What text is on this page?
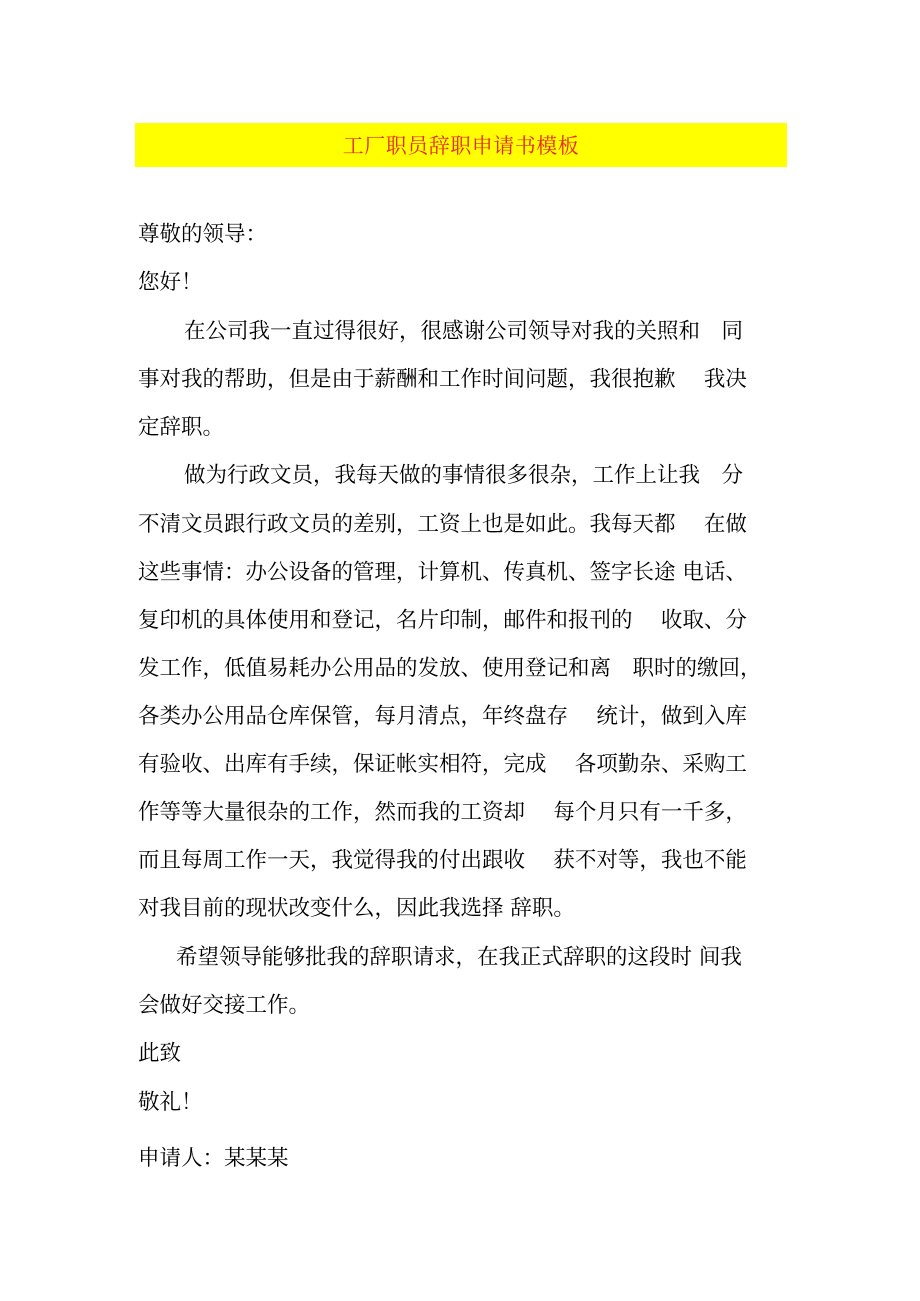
工厂职员辞职申请书模板
尊敬的领导：
您好！
在公司我一直过得很好，很感谢公司领导对我的关照和　同
事对我的帮助，但是由于薪酬和工作时间问题，我很抱歉　 我决
定辞职。
做为行政文员，我每天做的事情很多很杂，工作上让我　分
不清文员跟行政文员的差别，工资上也是如此。我每天都　 在做
这些事情：办公设备的管理，计算机、传真机、签字长途 电话、
复印机的具体使用和登记，名片印制，邮件和报刊的　 收取、分
发工作，低值易耗办公用品的发放、使用登记和离　职时的缴回，
各类办公用品仓库保管，每月清点，年终盘存　 统计，做到入库
有验收、出库有手续，保证帐实相符，完成　 各项勤杂、采购工
作等等大量很杂的工作，然而我的工资却　 每个月只有一千多，
而且每周工作一天，我觉得我的付出跟收　 获不对等，我也不能
对我目前的现状改变什么，因此我选择 辞职。
希望领导能够批我的辞职请求，在我正式辞职的这段时 间我
会做好交接工作。
此致
敬礼！
申请人：某某某
